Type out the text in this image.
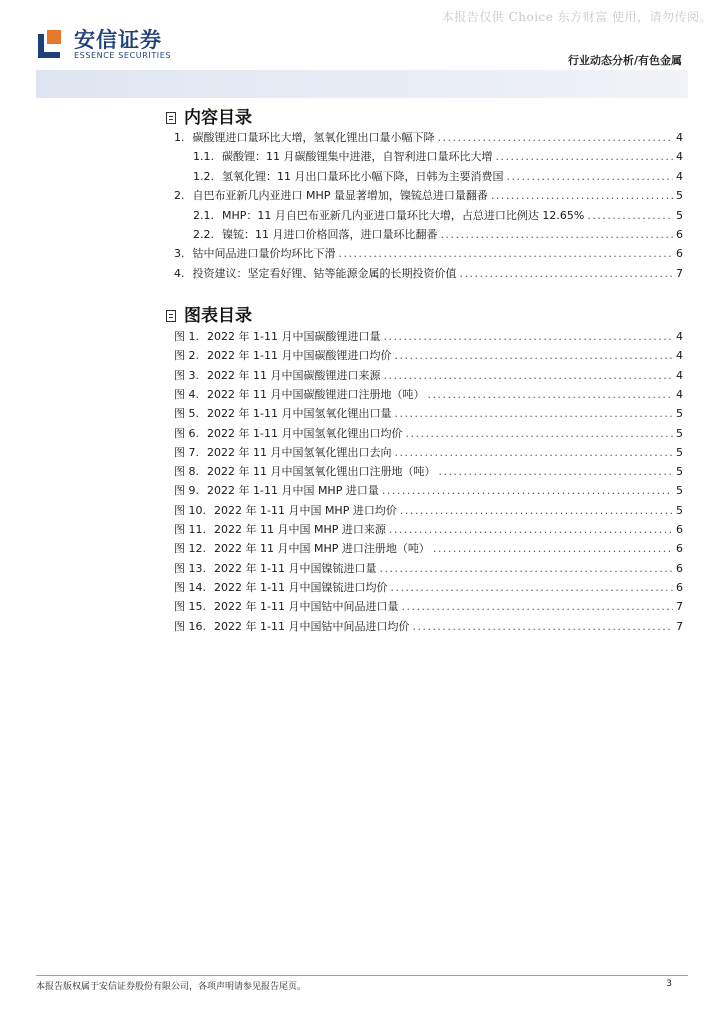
本报告仅供 Choice 东方财富 使用，请勿传阅。
安信证券
ESSENCE SECURITIES	行业动态分析/有色金属
内容目录
1. 碳酸锂进口量环比大增，氢氧化锂出口量小幅下降 .....	4
1.1. 碳酸锂：11 月碳酸锂集中进港，自智利进口量环比大增 .....	4
1.2. 氢氧化锂：11 月出口量环比小幅下降，日韩为主要消费国 .....	4
2. 自巴布亚新几内亚进口 MHP 量显著增加，镍锍总进口量翻番 .....	5
2.1. MHP：11 月自巴布亚新几内亚进口量环比大增，占总进口比例达 12.65% .....	5
2.2. 镍锍：11 月进口价格回落，进口量环比翻番 .....	6
3. 钴中间品进口量价均环比下滑 .....	6
4. 投资建议：坚定看好锂、钴等能源金属的长期投资价值 .....	7
图表目录
图 1. 2022 年 1-11 月中国碳酸锂进口量 .....	4
图 2. 2022 年 1-11 月中国碳酸锂进口均价 .....	4
图 3. 2022 年 11 月中国碳酸锂进口来源 .....	4
图 4. 2022 年 11 月中国碳酸锂进口注册地（吨） .....	4
图 5. 2022 年 1-11 月中国氢氧化锂出口量 .....	5
图 6. 2022 年 1-11 月中国氢氧化锂出口均价 .....	5
图 7. 2022 年 11 月中国氢氧化锂出口去向 .....	5
图 8. 2022 年 11 月中国氢氧化锂出口注册地（吨） .....	5
图 9. 2022 年 1-11 月中国 MHP 进口量 .....	5
图 10. 2022 年 1-11 月中国 MHP 进口均价 .....	5
图 11. 2022 年 11 月中国 MHP 进口来源 .....	6
图 12. 2022 年 11 月中国 MHP 进口注册地（吨） .....	6
图 13. 2022 年 1-11 月中国镍锍进口量 .....	6
图 14. 2022 年 1-11 月中国镍锍进口均价 .....	6
图 15. 2022 年 1-11 月中国钴中间品进口量 .....	7
图 16. 2022 年 1-11 月中国钴中间品进口均价 .....	7
本报告版权属于安信证券股份有限公司，各项声明请参见报告尾页。	3
